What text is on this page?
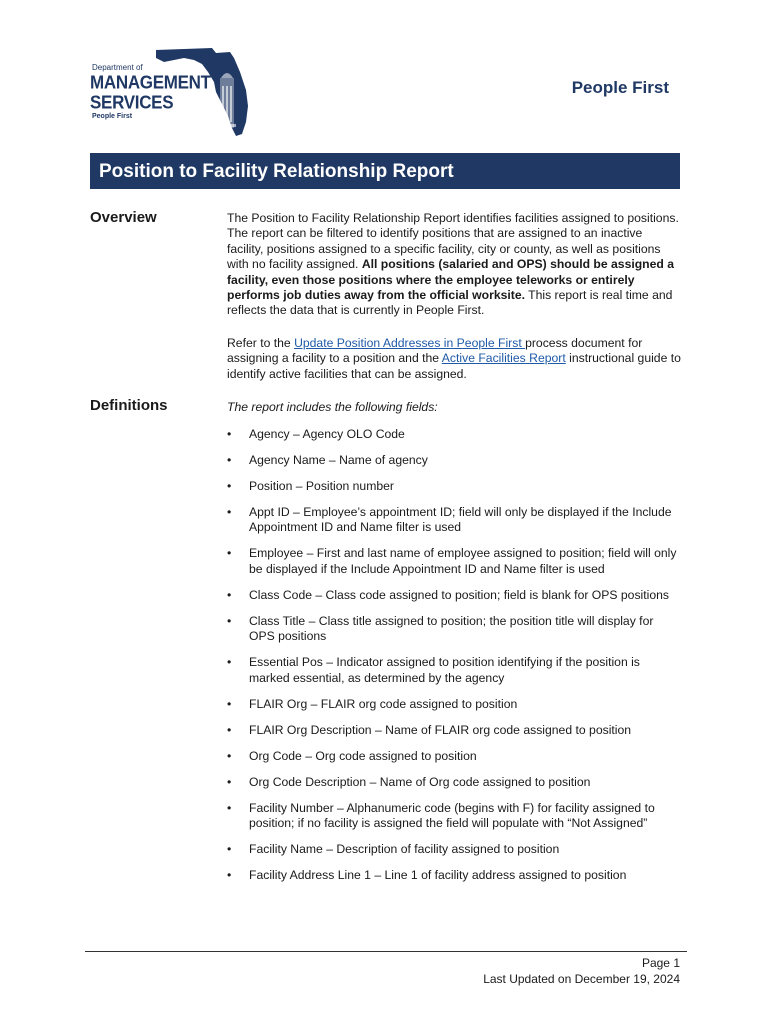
Department of
MANAGEMENT
SERVICES
People First
People First
Position to Facility Relationship Report
Overview	The Position to Facility Relationship Report identifies facilities assigned to positions. The report can be filtered to identify positions that are assigned to an inactive facility, positions assigned to a specific facility, city or county, as well as positions with no facility assigned. All positions (salaried and OPS) should be assigned a facility, even those positions where the employee teleworks or entirely performs job duties away from the official worksite. This report is real time and reflects the data that is currently in People First.

Refer to the Update Position Addresses in People First process document for assigning a facility to a position and the Active Facilities Report instructional guide to identify active facilities that can be assigned.

Definitions	The report includes the following fields:
• Agency – Agency OLO Code
• Agency Name – Name of agency
• Position – Position number
• Appt ID – Employee’s appointment ID; field will only be displayed if the Include Appointment ID and Name filter is used
• Employee – First and last name of employee assigned to position; field will only be displayed if the Include Appointment ID and Name filter is used
• Class Code – Class code assigned to position; field is blank for OPS positions
• Class Title – Class title assigned to position; the position title will display for OPS positions
• Essential Pos – Indicator assigned to position identifying if the position is marked essential, as determined by the agency
• FLAIR Org – FLAIR org code assigned to position
• FLAIR Org Description – Name of FLAIR org code assigned to position
• Org Code – Org code assigned to position
• Org Code Description – Name of Org code assigned to position
• Facility Number – Alphanumeric code (begins with F) for facility assigned to position; if no facility is assigned the field will populate with “Not Assigned”
• Facility Name – Description of facility assigned to position
• Facility Address Line 1 – Line 1 of facility address assigned to position
Page 1
Last Updated on December 19, 2024
